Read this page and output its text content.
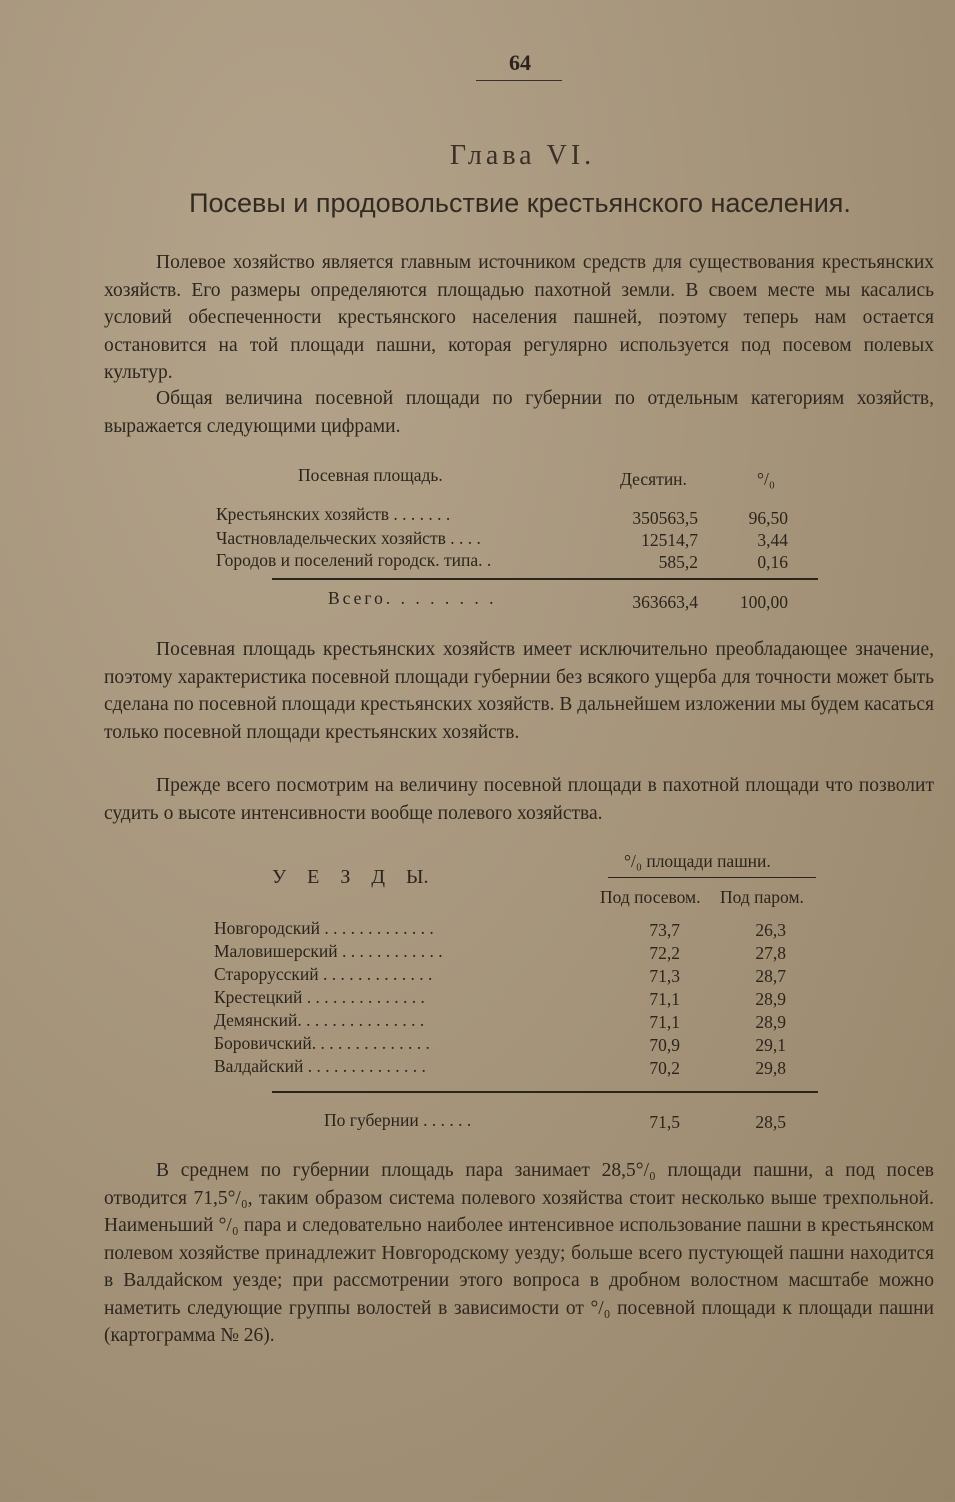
64
Глава VI.
Посевы и продовольствие крестьянского населения.
Полевое хозяйство является главным источником средств для существования крестьянских хозяйств. Его размеры определяются площадью пахотной земли. В своем месте мы касались условий обеспеченности крестьянского населения пашней, поэтому теперь нам остается остановится на той площади пашни, которая регулярно используется под посевом полевых культур.
Общая величина посевной площади по губернии по отдельным категориям хозяйств, выражается следующими цифрами.
Посевная площадь.	Десятин.	°/₀
Крестьянских хозяйств . . . . . . .	350563,5	96,50
Частновладельческих хозяйств . . . .	12514,7	3,44
Городов и поселений городск. типа. .	585,2	0,16
Всего. . . . . . . .	363663,4	100,00
Посевная площадь крестьянских хозяйств имеет исключительно преобладающее значение, поэтому характеристика посевной площади губернии без всякого ущерба для точности может быть сделана по посевной площади крестьянских хозяйств. В дальнейшем изложении мы будем касаться только посевной площади крестьянских хозяйств.
Прежде всего посмотрим на величину посевной площади в пахотной площади что позволит судить о высоте интенсивности вообще полевого хозяйства.
У Е З Д Ы.
°/₀ площади пашни.
Под посевом. Под паром.
Новгородский . . . . . . . . . . . . .	73,7	26,3
Маловишерский . . . . . . . . . . . .	72,2	27,8
Старорусский . . . . . . . . . . . . .	71,3	28,7
Крестецкий . . . . . . . . . . . . . .	71,1	28,9
Демянский. . . . . . . . . . . . . . .	71,1	28,9
Боровичский. . . . . . . . . . . . . .	70,9	29,1
Валдайский . . . . . . . . . . . . . .	70,2	29,8
По губернии . . . . . .	71,5	28,5
В среднем по губернии площадь пара занимает 28,5°/₀ площади пашни, а под посев отводится 71,5°/₀, таким образом система полевого хозяйства стоит несколько выше трехпольной. Наименьший °/₀ пара и следовательно наиболее интенсивное использование пашни в крестьянском полевом хозяйстве принадлежит Новгородскому уезду; больше всего пустующей пашни находится в Валдайском уезде; при рассмотрении этого вопроса в дробном волостном масштабе можно наметить следующие группы волостей в зависимости от °/₀ посевной площади к площади пашни (картограмма № 26).
